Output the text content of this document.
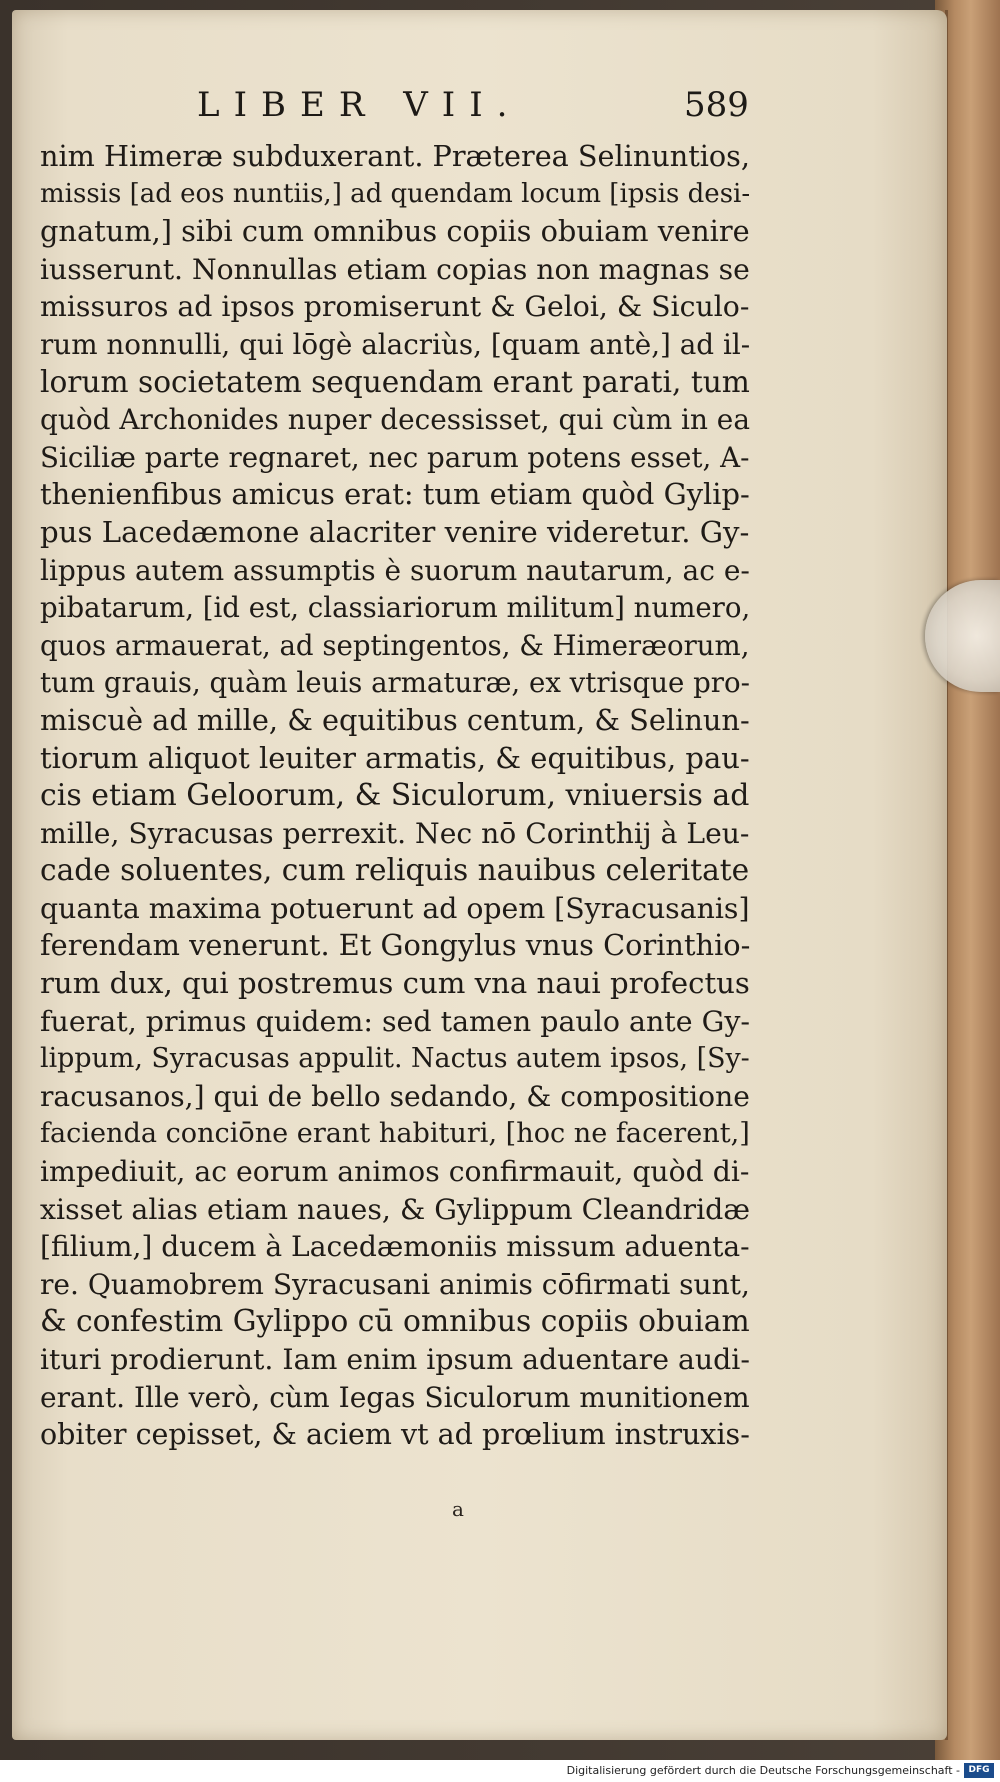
LIBER VII.	589
nim Himeræ subduxerant. Præterea Selinuntios,
missis [ad eos nuntiis,] ad quendam locum [ipsis desi-
gnatum,] sibi cum omnibus copiis obuiam venire
iusserunt. Nonnullas etiam copias non magnas se
missuros ad ipsos promiserunt & Geloi, & Siculo-
rum nonnulli, qui lōgè alacriùs, [quam antè,] ad il-
lorum societatem sequendam erant parati, tum
quòd Archonides nuper decessisset, qui cùm in ea
Siciliæ parte regnaret, nec parum potens esset, A-
thenienfibus amicus erat: tum etiam quòd Gylip-
pus Lacedæmone alacriter venire videretur. Gy-
lippus autem assumptis è suorum nautarum, ac e-
pibatarum, [id est, classiariorum militum] numero,
quos armauerat, ad septingentos, & Himeræorum,
tum grauis, quàm leuis armaturæ, ex vtrisque pro-
miscuè ad mille, & equitibus centum, & Selinun-
tiorum aliquot leuiter armatis, & equitibus, pau-
cis etiam Geloorum, & Siculorum, vniuersis ad
mille, Syracusas perrexit. Nec nō Corinthij à Leu-
cade soluentes, cum reliquis nauibus celeritate
quanta maxima potuerunt ad opem [Syracusanis]
ferendam venerunt. Et Gongylus vnus Corinthio-
rum dux, qui postremus cum vna naui profectus
fuerat, primus quidem: sed tamen paulo ante Gy-
lippum, Syracusas appulit. Nactus autem ipsos, [Sy-
racusanos,] qui de bello sedando, & compositione
facienda conciōne erant habituri, [hoc ne facerent,]
impediuit, ac eorum animos confirmauit, quòd di-
xisset alias etiam naues, & Gylippum Cleandridæ
[filium,] ducem à Lacedæmoniis missum aduenta-
re. Quamobrem Syracusani animis cōfirmati sunt,
& confestim Gylippo cū omnibus copiis obuiam
ituri prodierunt. Iam enim ipsum aduentare audi-
erant. Ille verò, cùm Iegas Siculorum munitionem
obiter cepisset, & aciem vt ad prœlium instruxis-
a
Digitalisierung gefördert durch die Deutsche Forschungsgemeinschaft - DFG
